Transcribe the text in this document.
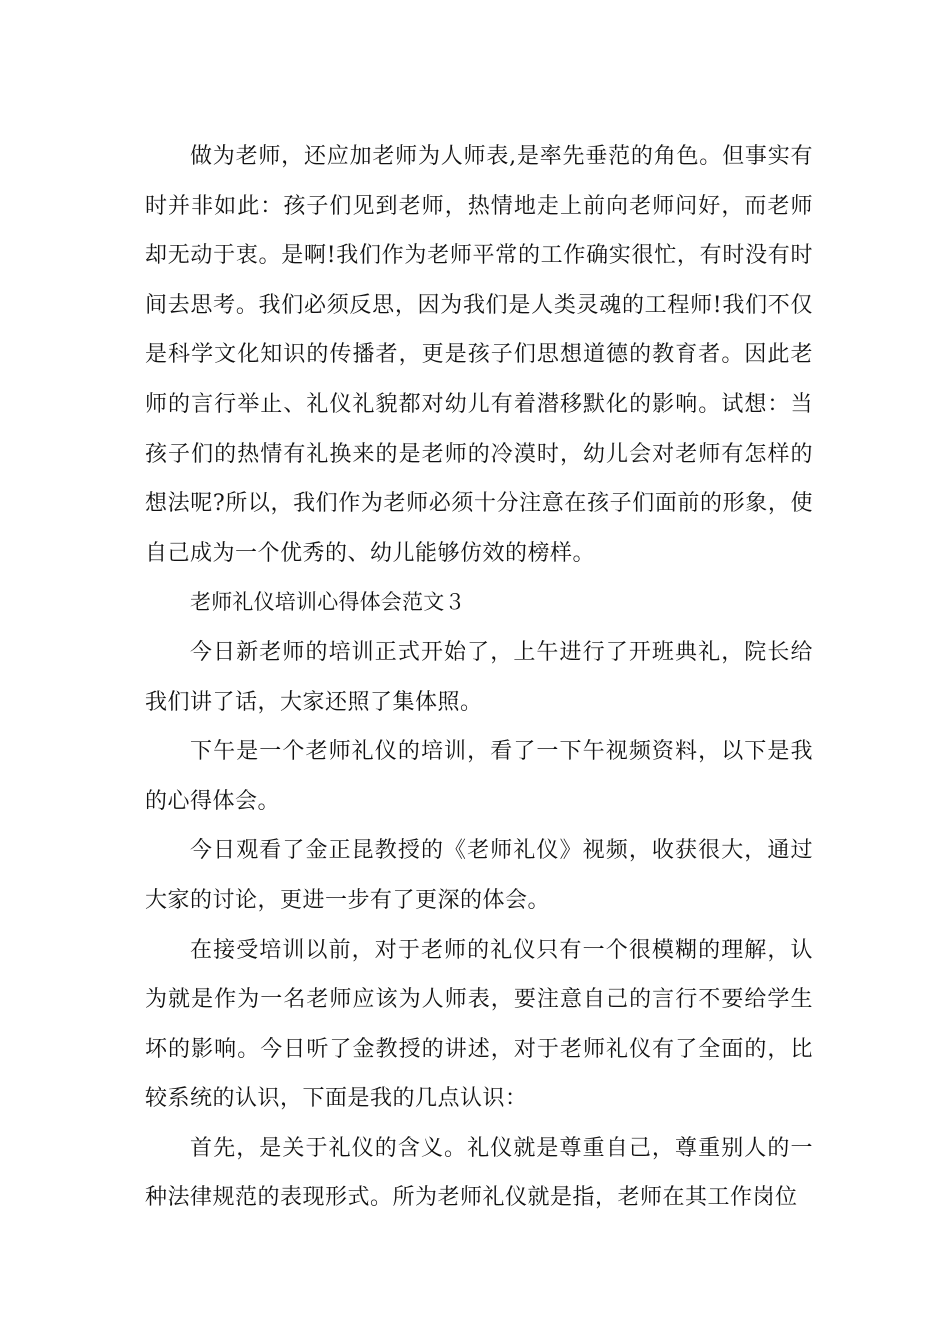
做为老师，还应加老师为人师表,是率先垂范的角色。但事实有时并非如此：孩子们见到老师，热情地走上前向老师问好，而老师却无动于衷。是啊!我们作为老师平常的工作确实很忙，有时没有时间去思考。我们必须反思，因为我们是人类灵魂的工程师!我们不仅是科学文化知识的传播者，更是孩子们思想道德的教育者。因此老师的言行举止、礼仪礼貌都对幼儿有着潜移默化的影响。试想：当孩子们的热情有礼换来的是老师的冷漠时，幼儿会对老师有怎样的想法呢?所以，我们作为老师必须十分注意在孩子们面前的形象，使自己成为一个优秀的、幼儿能够仿效的榜样。

老师礼仪培训心得体会范文３

今日新老师的培训正式开始了，上午进行了开班典礼，院长给我们讲了话，大家还照了集体照。

下午是一个老师礼仪的培训，看了一下午视频资料，以下是我的心得体会。

今日观看了金正昆教授的《老师礼仪》视频，收获很大，通过大家的讨论，更进一步有了更深的体会。

在接受培训以前，对于老师的礼仪只有一个很模糊的理解，认为就是作为一名老师应该为人师表，要注意自己的言行不要给学生坏的影响。今日听了金教授的讲述，对于老师礼仪有了全面的，比较系统的认识，下面是我的几点认识：

首先，是关于礼仪的含义。礼仪就是尊重自己，尊重别人的一种法律规范的表现形式。所为老师礼仪就是指，老师在其工作岗位
